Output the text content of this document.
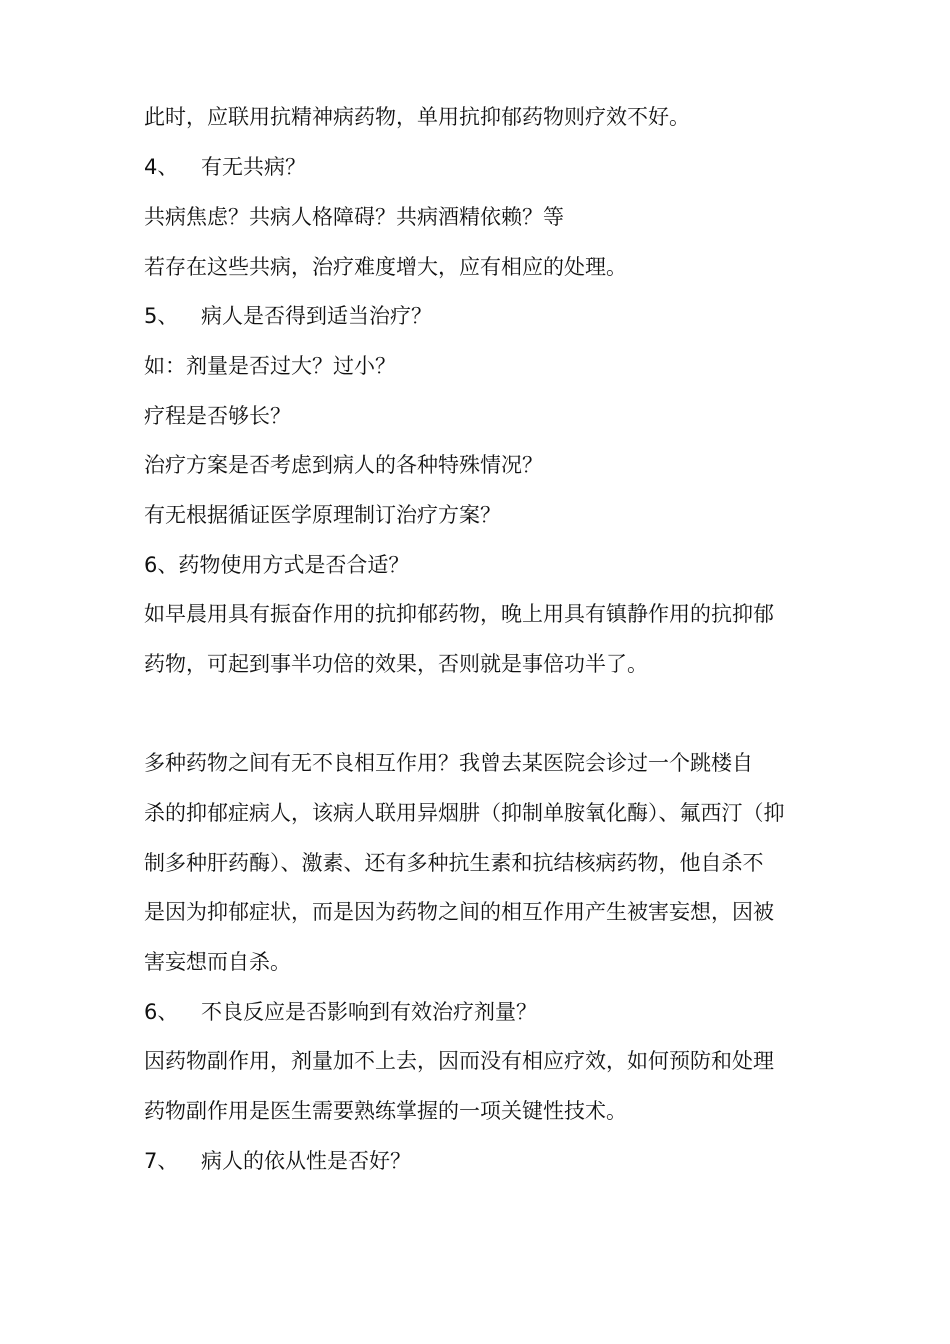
此时，应联用抗精神病药物，单用抗抑郁药物则疗效不好。
4、 有无共病？
共病焦虑？共病人格障碍？共病酒精依赖？等
若存在这些共病，治疗难度增大，应有相应的处理。
5、 病人是否得到适当治疗？
如：剂量是否过大？过小？
疗程是否够长？
治疗方案是否考虑到病人的各种特殊情况？
有无根据循证医学原理制订治疗方案？
6、药物使用方式是否合适？
如早晨用具有振奋作用的抗抑郁药物，晚上用具有镇静作用的抗抑郁
药物，可起到事半功倍的效果，否则就是事倍功半了。
多种药物之间有无不良相互作用？我曾去某医院会诊过一个跳楼自
杀的抑郁症病人，该病人联用异烟肼（抑制单胺氧化酶）、氟西汀（抑
制多种肝药酶）、激素、还有多种抗生素和抗结核病药物，他自杀不
是因为抑郁症状，而是因为药物之间的相互作用产生被害妄想，因被
害妄想而自杀。
6、 不良反应是否影响到有效治疗剂量？
因药物副作用，剂量加不上去，因而没有相应疗效，如何预防和处理
药物副作用是医生需要熟练掌握的一项关键性技术。
7、 病人的依从性是否好？
